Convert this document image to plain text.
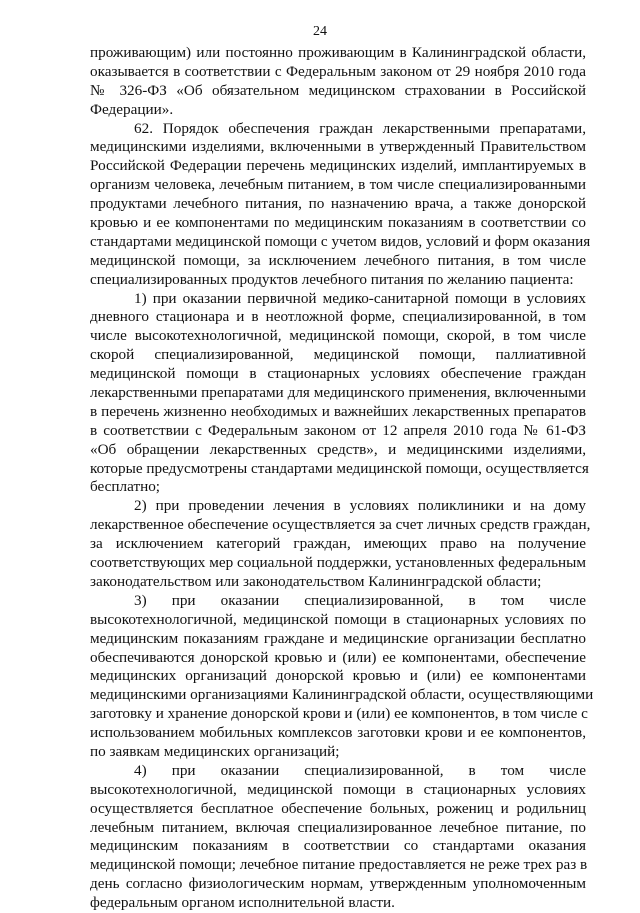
24
проживающим) или постоянно проживающим в Калининградской области,
оказывается в соответствии с Федеральным законом от 29 ноября 2010 года
№ 326-ФЗ «Об обязательном медицинском страховании в Российской
Федерации».
62. Порядок обеспечения граждан лекарственными препаратами,
медицинскими изделиями, включенными в утвержденный Правительством
Российской Федерации перечень медицинских изделий, имплантируемых в
организм человека, лечебным питанием, в том числе специализированными
продуктами лечебного питания, по назначению врача, а также донорской
кровью и ее компонентами по медицинским показаниям в соответствии со
стандартами медицинской помощи с учетом видов, условий и форм оказания
медицинской помощи, за исключением лечебного питания, в том числе
специализированных продуктов лечебного питания по желанию пациента:
1) при оказании первичной медико-санитарной помощи в условиях
дневного стационара и в неотложной форме, специализированной, в том
числе высокотехнологичной, медицинской помощи, скорой, в том числе
скорой специализированной, медицинской помощи, паллиативной
медицинской помощи в стационарных условиях обеспечение граждан
лекарственными препаратами для медицинского применения, включенными
в перечень жизненно необходимых и важнейших лекарственных препаратов
в соответствии с Федеральным законом от 12 апреля 2010 года № 61-ФЗ
«Об обращении лекарственных средств», и медицинскими изделиями,
которые предусмотрены стандартами медицинской помощи, осуществляется
бесплатно;
2) при проведении лечения в условиях поликлиники и на дому
лекарственное обеспечение осуществляется за счет личных средств граждан,
за исключением категорий граждан, имеющих право на получение
соответствующих мер социальной поддержки, установленных федеральным
законодательством или законодательством Калининградской области;
3) при оказании специализированной, в том числе
высокотехнологичной, медицинской помощи в стационарных условиях по
медицинским показаниям граждане и медицинские организации бесплатно
обеспечиваются донорской кровью и (или) ее компонентами, обеспечение
медицинских организаций донорской кровью и (или) ее компонентами
медицинскими организациями Калининградской области, осуществляющими
заготовку и хранение донорской крови и (или) ее компонентов, в том числе с
использованием мобильных комплексов заготовки крови и ее компонентов,
по заявкам медицинских организаций;
4) при оказании специализированной, в том числе
высокотехнологичной, медицинской помощи в стационарных условиях
осуществляется бесплатное обеспечение больных, рожениц и родильниц
лечебным питанием, включая специализированное лечебное питание, по
медицинским показаниям в соответствии со стандартами оказания
медицинской помощи; лечебное питание предоставляется не реже трех раз в
день согласно физиологическим нормам, утвержденным уполномоченным
федеральным органом исполнительной власти.
